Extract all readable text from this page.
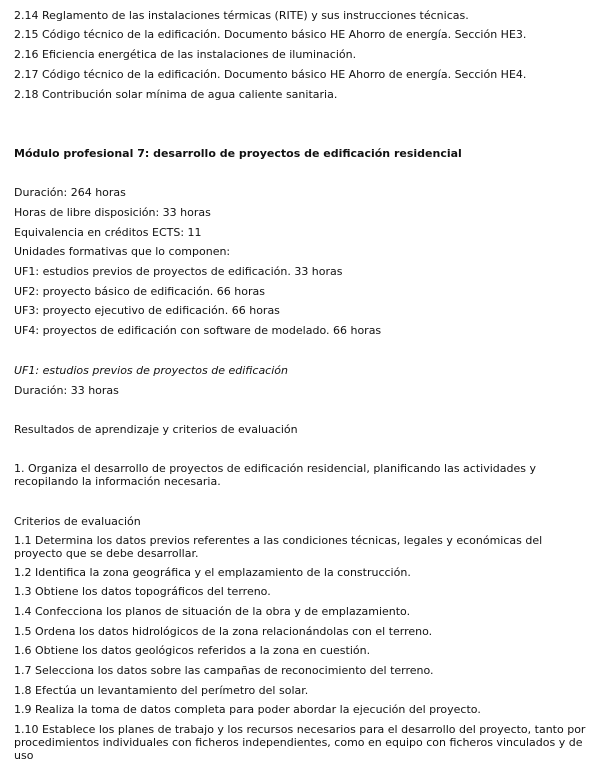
2.14 Reglamento de las instalaciones térmicas (RITE) y sus instrucciones técnicas.
2.15 Código técnico de la edificación. Documento básico HE Ahorro de energía. Sección HE3.
2.16 Eficiencia energética de las instalaciones de iluminación.
2.17 Código técnico de la edificación. Documento básico HE Ahorro de energía. Sección HE4.
2.18 Contribución solar mínima de agua caliente sanitaria.
Módulo profesional 7: desarrollo de proyectos de edificación residencial
Duración: 264 horas
Horas de libre disposición: 33 horas
Equivalencia en créditos ECTS: 11
Unidades formativas que lo componen:
UF1: estudios previos de proyectos de edificación. 33 horas
UF2: proyecto básico de edificación. 66 horas
UF3: proyecto ejecutivo de edificación. 66 horas
UF4: proyectos de edificación con software de modelado. 66 horas
UF1: estudios previos de proyectos de edificación
Duración: 33 horas
Resultados de aprendizaje y criterios de evaluación
1. Organiza el desarrollo de proyectos de edificación residencial, planificando las actividades y recopilando la información necesaria.
Criterios de evaluación
1.1 Determina los datos previos referentes a las condiciones técnicas, legales y económicas del proyecto que se debe desarrollar.
1.2 Identifica la zona geográfica y el emplazamiento de la construcción.
1.3 Obtiene los datos topográficos del terreno.
1.4 Confecciona los planos de situación de la obra y de emplazamiento.
1.5 Ordena los datos hidrológicos de la zona relacionándolas con el terreno.
1.6 Obtiene los datos geológicos referidos a la zona en cuestión.
1.7 Selecciona los datos sobre las campañas de reconocimiento del terreno.
1.8 Efectúa un levantamiento del perímetro del solar.
1.9 Realiza la toma de datos completa para poder abordar la ejecución del proyecto.
1.10 Establece los planes de trabajo y los recursos necesarios para el desarrollo del proyecto, tanto por procedimientos individuales con ficheros independientes, como en equipo con ficheros vinculados y de uso
